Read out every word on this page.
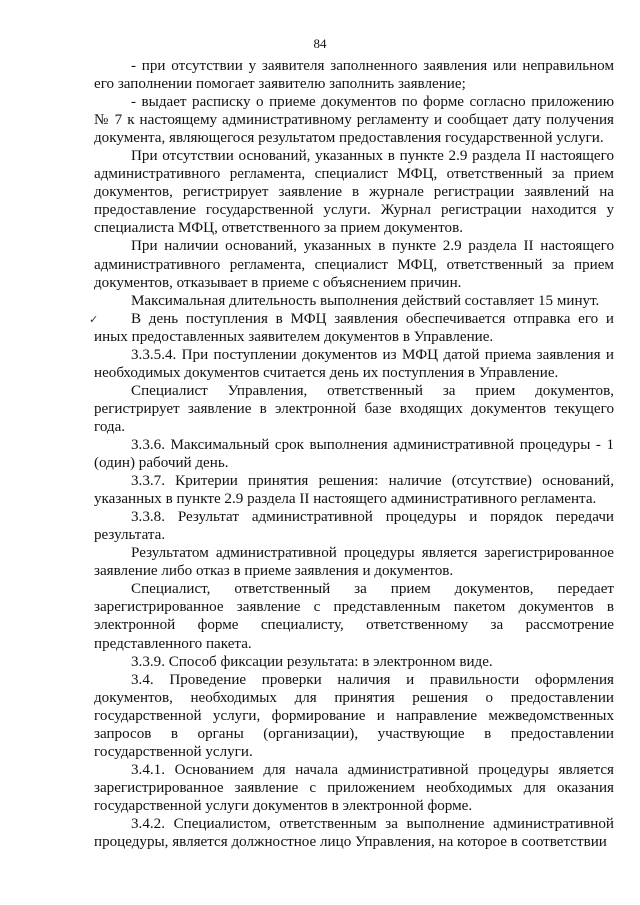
84
✓

- при отсутствии у заявителя заполненного заявления или неправильном его заполнении помогает заявителю заполнить заявление;

- выдает расписку о приеме документов по форме согласно приложению № 7 к настоящему административному регламенту и сообщает дату получения документа, являющегося результатом предоставления государственной услуги.

При отсутствии оснований, указанных в пункте 2.9 раздела II настоящего административного регламента, специалист МФЦ, ответственный за прием документов, регистрирует заявление в журнале регистрации заявлений на предоставление государственной услуги. Журнал регистрации находится у специалиста МФЦ, ответственного за прием документов.

При наличии оснований, указанных в пункте 2.9 раздела II настоящего административного регламента, специалист МФЦ, ответственный за прием документов, отказывает в приеме с объяснением причин.

Максимальная длительность выполнения действий составляет 15 минут.

В день поступления в МФЦ заявления обеспечивается отправка его и иных предоставленных заявителем документов в Управление.

3.3.5.4. При поступлении документов из МФЦ датой приема заявления и необходимых документов считается день их поступления в Управление.

Специалист Управления, ответственный за прием документов, регистрирует заявление в электронной базе входящих документов текущего года.

3.3.6. Максимальный срок выполнения административной процедуры - 1 (один) рабочий день.

3.3.7. Критерии принятия решения: наличие (отсутствие) оснований, указанных в пункте 2.9 раздела II настоящего административного регламента.

3.3.8. Результат административной процедуры и порядок передачи результата.

Результатом административной процедуры является зарегистрированное заявление либо отказ в приеме заявления и документов.

Специалист, ответственный за прием документов, передает зарегистрированное заявление с представленным пакетом документов в электронной форме специалисту, ответственному за рассмотрение представленного пакета.

3.3.9. Способ фиксации результата: в электронном виде.

3.4. Проведение проверки наличия и правильности оформления документов, необходимых для принятия решения о предоставлении государственной услуги, формирование и направление межведомственных запросов в органы (организации), участвующие в предоставлении государственной услуги.

3.4.1. Основанием для начала административной процедуры является зарегистрированное заявление с приложением необходимых для оказания государственной услуги документов в электронной форме.

3.4.2. Специалистом, ответственным за выполнение административной процедуры, является должностное лицо Управления, на которое в соответствии
